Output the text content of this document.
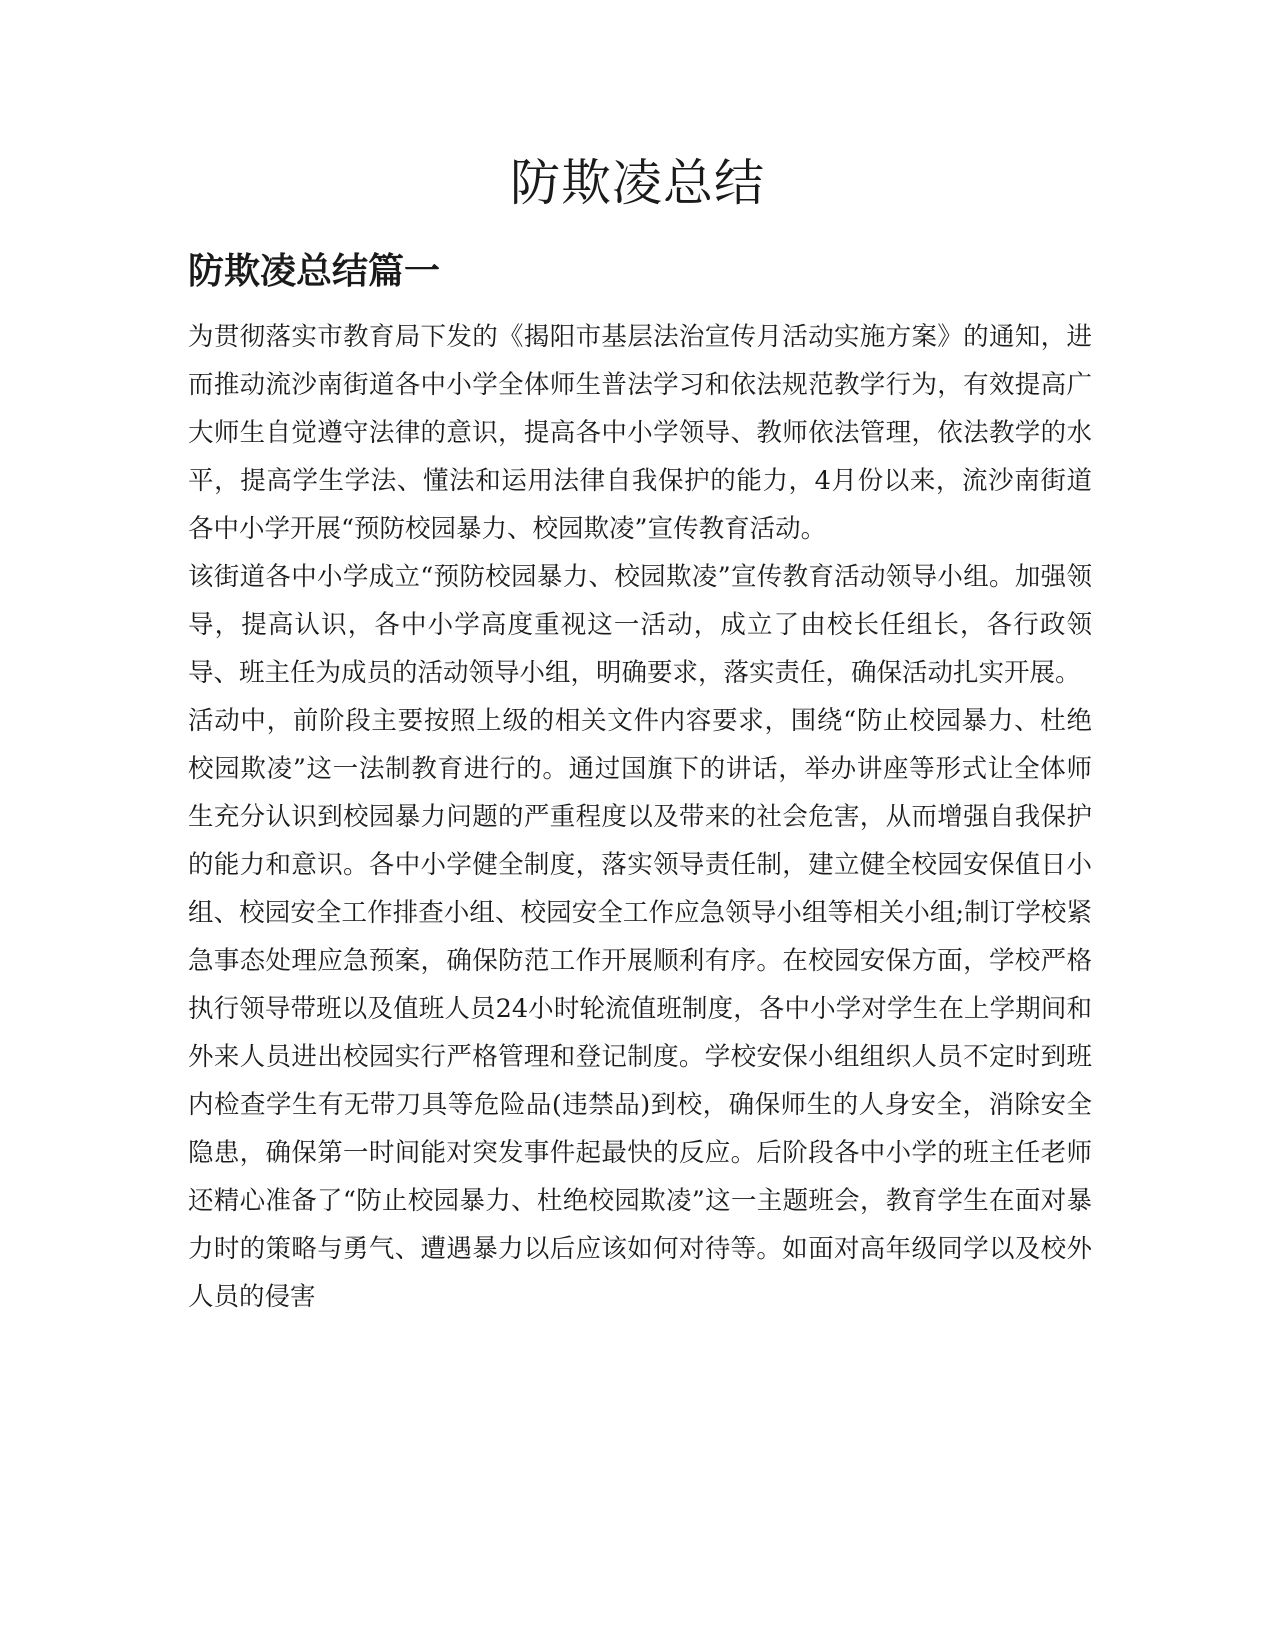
防欺凌总结
防欺凌总结篇一

为贯彻落实市教育局下发的《揭阳市基层法治宣传月活动实施方案》的通知，进而推动流沙南街道各中小学全体师生普法学习和依法规范教学行为，有效提高广大师生自觉遵守法律的意识，提高各中小学领导、教师依法管理，依法教学的水平，提高学生学法、懂法和运用法律自我保护的能力，4月份以来，流沙南街道各中小学开展“预防校园暴力、校园欺凌”宣传教育活动。

该街道各中小学成立“预防校园暴力、校园欺凌”宣传教育活动领导小组。加强领导，提高认识，各中小学高度重视这一活动，成立了由校长任组长，各行政领导、班主任为成员的活动领导小组，明确要求，落实责任，确保活动扎实开展。

活动中，前阶段主要按照上级的相关文件内容要求，围绕“防止校园暴力、杜绝校园欺凌”这一法制教育进行的。通过国旗下的讲话，举办讲座等形式让全体师生充分认识到校园暴力问题的严重程度以及带来的社会危害，从而增强自我保护的能力和意识。各中小学健全制度，落实领导责任制，建立健全校园安保值日小组、校园安全工作排查小组、校园安全工作应急领导小组等相关小组;制订学校紧急事态处理应急预案，确保防范工作开展顺利有序。在校园安保方面，学校严格执行领导带班以及值班人员24小时轮流值班制度，各中小学对学生在上学期间和外来人员进出校园实行严格管理和登记制度。学校安保小组组织人员不定时到班内检查学生有无带刀具等危险品(违禁品)到校，确保师生的人身安全，消除安全隐患，确保第一时间能对突发事件起最快的反应。后阶段各中小学的班主任老师还精心准备了“防止校园暴力、杜绝校园欺凌”这一主题班会，教育学生在面对暴力时的策略与勇气、遭遇暴力以后应该如何对待等。如面对高年级同学以及校外人员的侵害
